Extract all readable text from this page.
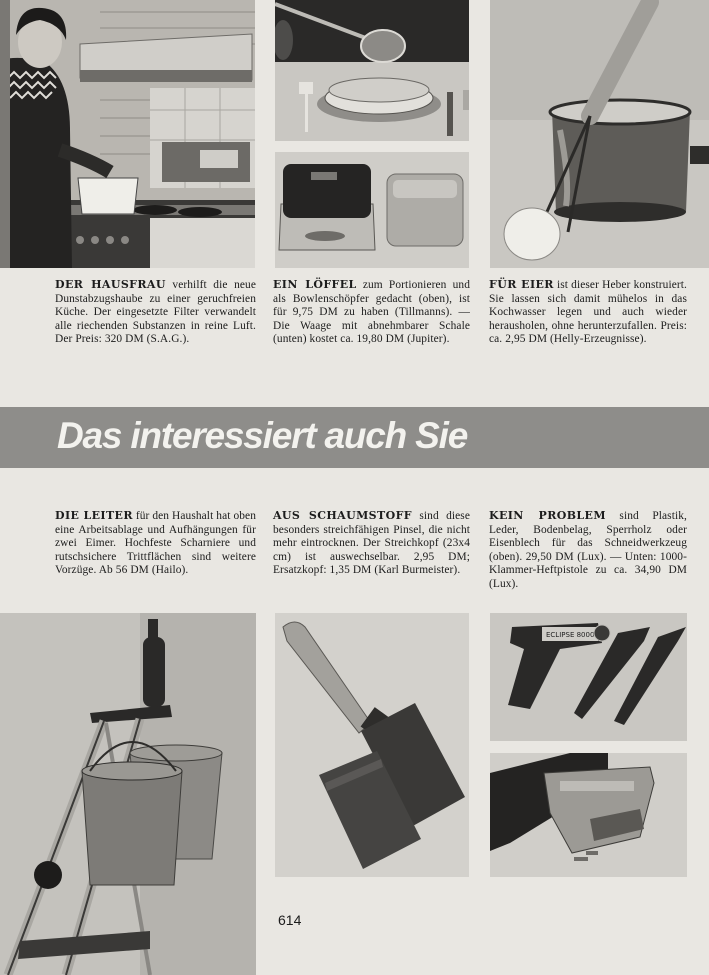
DER HAUSFRAU verhilft die neue Dunstabzugshaube zu einer geruchfreien Küche. Der eingesetzte Filter verwandelt alle riechenden Substanzen in reine Luft. Der Preis: 320 DM (S.A.G.).
EIN LÖFFEL zum Portionieren und als Bowlenschöpfer gedacht (oben), ist für 9,75 DM zu haben (Tillmanns). — Die Waage mit abnehmbarer Schale (unten) kostet ca. 19,80 DM (Jupiter).
FÜR EIER ist dieser Heber konstruiert. Sie lassen sich damit mühelos in das Kochwasser legen und auch wieder herausholen, ohne herunterzufallen. Preis: ca. 2,95 DM (Helly-Erzeugnisse).
Das interessiert auch Sie
DIE LEITER für den Haushalt hat oben eine Arbeitsablage und Aufhängungen für zwei Eimer. Hochfeste Scharniere und rutschsichere Trittflächen sind weitere Vorzüge. Ab 56 DM (Hailo).
AUS SCHAUMSTOFF sind diese besonders streichfähigen Pinsel, die nicht mehr eintrocknen. Der Streichkopf (23x4 cm) ist auswechselbar. 2,95 DM; Ersatzkopf: 1,35 DM (Karl Burmeister).
KEIN PROBLEM sind Plastik, Leder, Bodenbelag, Sperrholz oder Eisenblech für das Schneidwerkzeug (oben). 29,50 DM (Lux). — Unten: 1000-Klammer-Heftpistole zu ca. 34,90 DM (Lux).
ECLIPSE 8000
614
